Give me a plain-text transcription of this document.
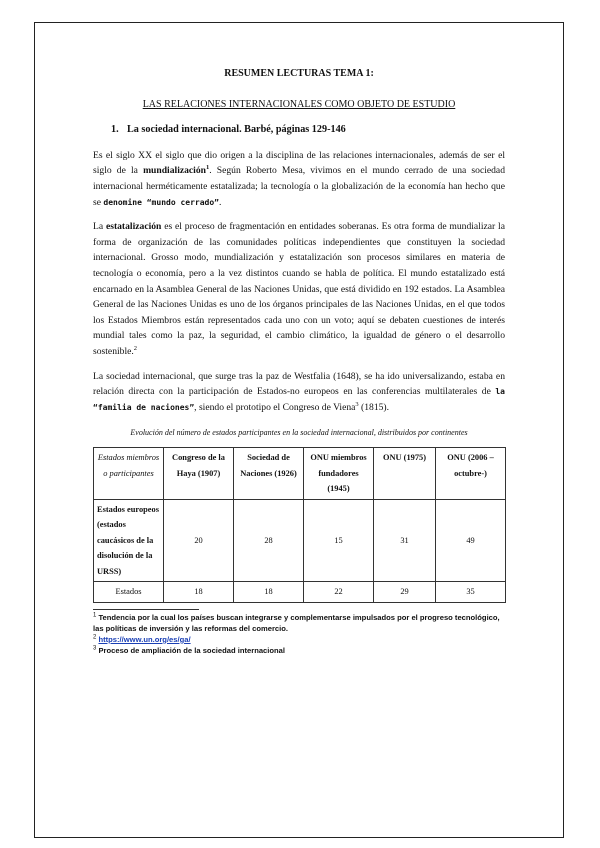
RESUMEN LECTURAS TEMA 1:
LAS RELACIONES INTERNACIONALES COMO OBJETO DE ESTUDIO
1. La sociedad internacional. Barbé, páginas 129-146

Es el siglo XX el siglo que dio origen a la disciplina de las relaciones internacionales, además de ser el siglo de la mundialización$^1$. Según Roberto Mesa, vivimos en el mundo cerrado de una sociedad internacional herméticamente estatalizada; la tecnología o la globalización de la economía han hecho que se denomine “mundo cerrado”.

La estatalización es el proceso de fragmentación en entidades soberanas. Es otra forma de mundializar la forma de organización de las comunidades políticas independientes que constituyen la sociedad internacional. Grosso modo, mundialización y estatalización son procesos similares en materia de tecnología o economía, pero a la vez distintos cuando se habla de política. El mundo estatalizado está encarnado en la Asamblea General de las Naciones Unidas, que está dividido en 192 estados. La Asamblea General de las Naciones Unidas es uno de los órganos principales de las Naciones Unidas, en el que todos los Estados Miembros están representados cada uno con un voto; aquí se debaten cuestiones de interés mundial tales como la paz, la seguridad, el cambio climático, la igualdad de género o el desarrollo sostenible.$^2$

La sociedad internacional, que surge tras la paz de Westfalia (1648), se ha ido universalizando, estaba en relación directa con la participación de Estados-no europeos en las conferencias multilaterales de la “familia de naciones”, siendo el prototipo el Congreso de Viena$^3$ (1815).

Evolución del número de estados participantes en la sociedad internacional, distribuidos por continentes
Estados miembros o participantes	Congreso de la Haya (1907)	Sociedad de Naciones (1926)	ONU miembros fundadores (1945)	ONU (1975)	ONU (2006 – octubre-)
Estados europeos (estados caucásicos de la disolución de la URSS)	20	28	15	31	49
Estados	18	18	22	29	35

$^1$ Tendencia por la cual los países buscan integrarse y complementarse impulsados por el progreso tecnológico, las políticas de inversión y las reformas del comercio.

$^2$ https://www.un.org/es/ga/

$^3$ Proceso de ampliación de la sociedad internacional
